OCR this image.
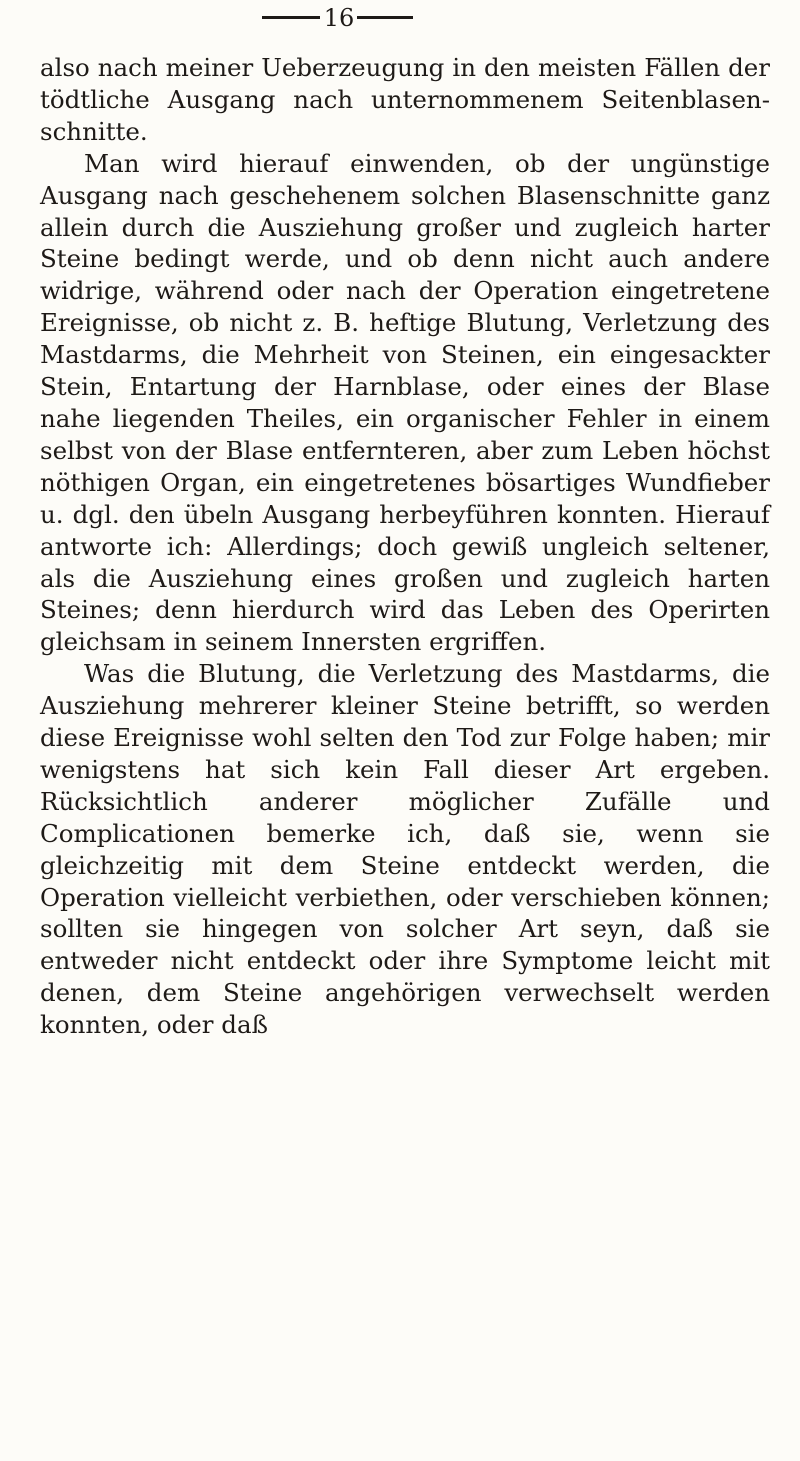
16

also nach meiner Ueberzeugung in den meisten Fällen der tödtliche Ausgang nach unternommenem Seitenblasen-schnitte.

Man wird hierauf einwenden, ob der ungünstige Ausgang nach geschehenem solchen Blasenschnitte ganz allein durch die Ausziehung großer und zugleich harter Steine bedingt werde, und ob denn nicht auch andere widrige, während oder nach der Operation eingetretene Ereignisse, ob nicht z. B. heftige Blutung, Verletzung des Mastdarms, die Mehrheit von Steinen, ein eingesackter Stein, Entartung der Harnblase, oder eines der Blase nahe liegenden Theiles, ein organischer Fehler in einem selbst von der Blase entfernteren, aber zum Leben höchst nöthigen Organ, ein eingetretenes bösartiges Wundfieber u. dgl. den übeln Ausgang herbeyführen konnten. Hierauf antworte ich: Allerdings; doch gewiß ungleich seltener, als die Ausziehung eines großen und zugleich harten Steines; denn hierdurch wird das Leben des Operirten gleichsam in seinem Innersten ergriffen.

Was die Blutung, die Verletzung des Mastdarms, die Ausziehung mehrerer kleiner Steine betrifft, so werden diese Ereignisse wohl selten den Tod zur Folge haben; mir wenigstens hat sich kein Fall dieser Art ergeben. Rücksichtlich anderer möglicher Zufälle und Complicationen bemerke ich, daß sie, wenn sie gleichzeitig mit dem Steine entdeckt werden, die Operation vielleicht verbiethen, oder verschieben können; sollten sie hingegen von solcher Art seyn, daß sie entweder nicht entdeckt oder ihre Symptome leicht mit denen, dem Steine angehörigen verwechselt werden konnten, oder daß
